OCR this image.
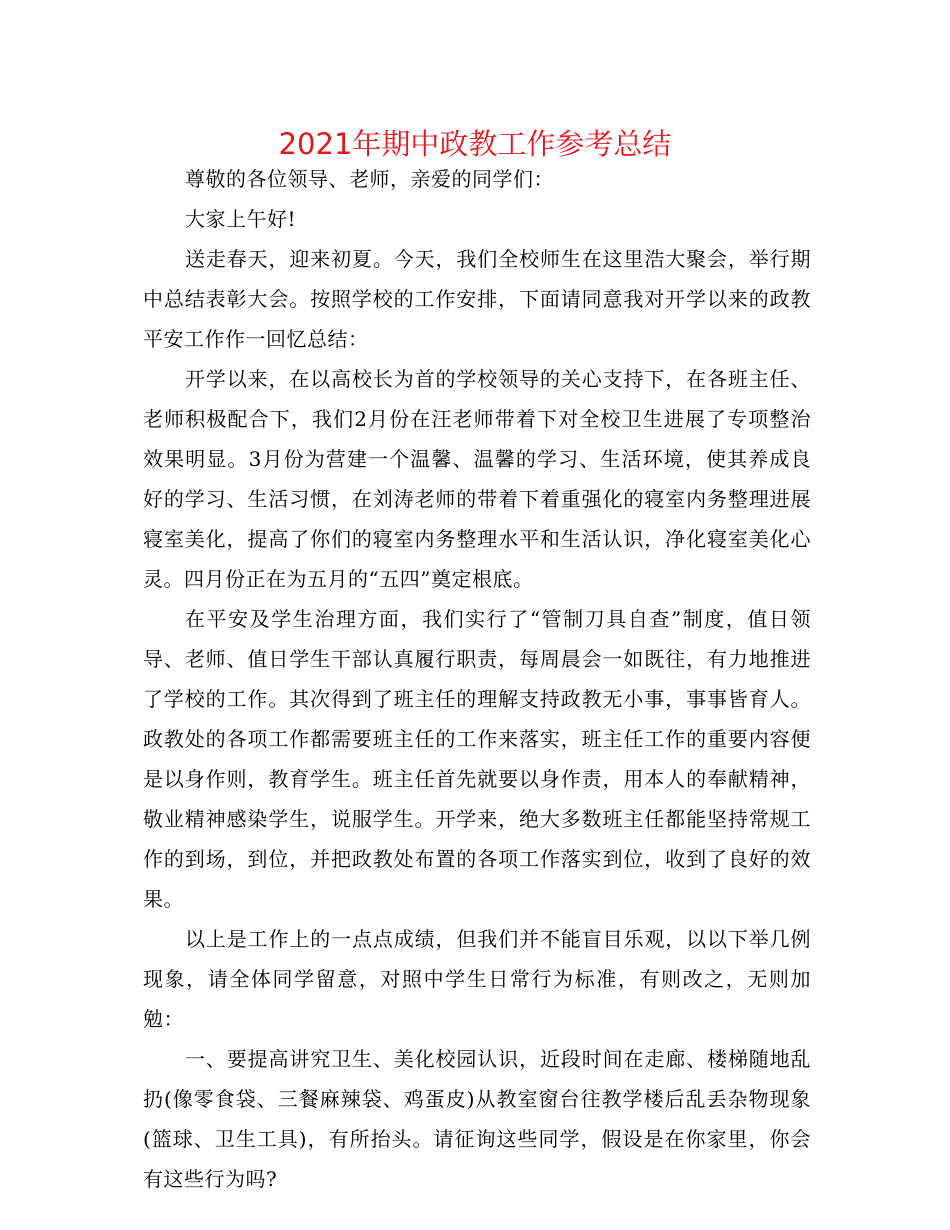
2021年期中政教工作参考总结

尊敬的各位领导、老师，亲爱的同学们：

大家上午好!

送走春天，迎来初夏。今天，我们全校师生在这里浩大聚会，举行期中总结表彰大会。按照学校的工作安排，下面请同意我对开学以来的政教平安工作作一回忆总结：

开学以来，在以高校长为首的学校领导的关心支持下，在各班主任、老师积极配合下，我们2月份在汪老师带着下对全校卫生进展了专项整治效果明显。3月份为营建一个温馨、温馨的学习、生活环境，使其养成良好的学习、生活习惯，在刘涛老师的带着下着重强化的寝室内务整理进展寝室美化，提高了你们的寝室内务整理水平和生活认识，净化寝室美化心灵。四月份正在为五月的“五四”奠定根底。

在平安及学生治理方面，我们实行了“管制刀具自查”制度，值日领导、老师、值日学生干部认真履行职责，每周晨会一如既往，有力地推进了学校的工作。其次得到了班主任的理解支持政教无小事，事事皆育人。政教处的各项工作都需要班主任的工作来落实，班主任工作的重要内容便是以身作则，教育学生。班主任首先就要以身作责，用本人的奉献精神，敬业精神感染学生，说服学生。开学来，绝大多数班主任都能坚持常规工作的到场，到位，并把政教处布置的各项工作落实到位，收到了良好的效果。

以上是工作上的一点点成绩，但我们并不能盲目乐观，以以下举几例现象，请全体同学留意，对照中学生日常行为标准，有则改之，无则加勉：

一、要提高讲究卫生、美化校园认识，近段时间在走廊、楼梯随地乱扔(像零食袋、三餐麻辣袋、鸡蛋皮)从教室窗台往教学楼后乱丢杂物现象(篮球、卫生工具)，有所抬头。请征询这些同学，假设是在你家里，你会有这些行为吗?
